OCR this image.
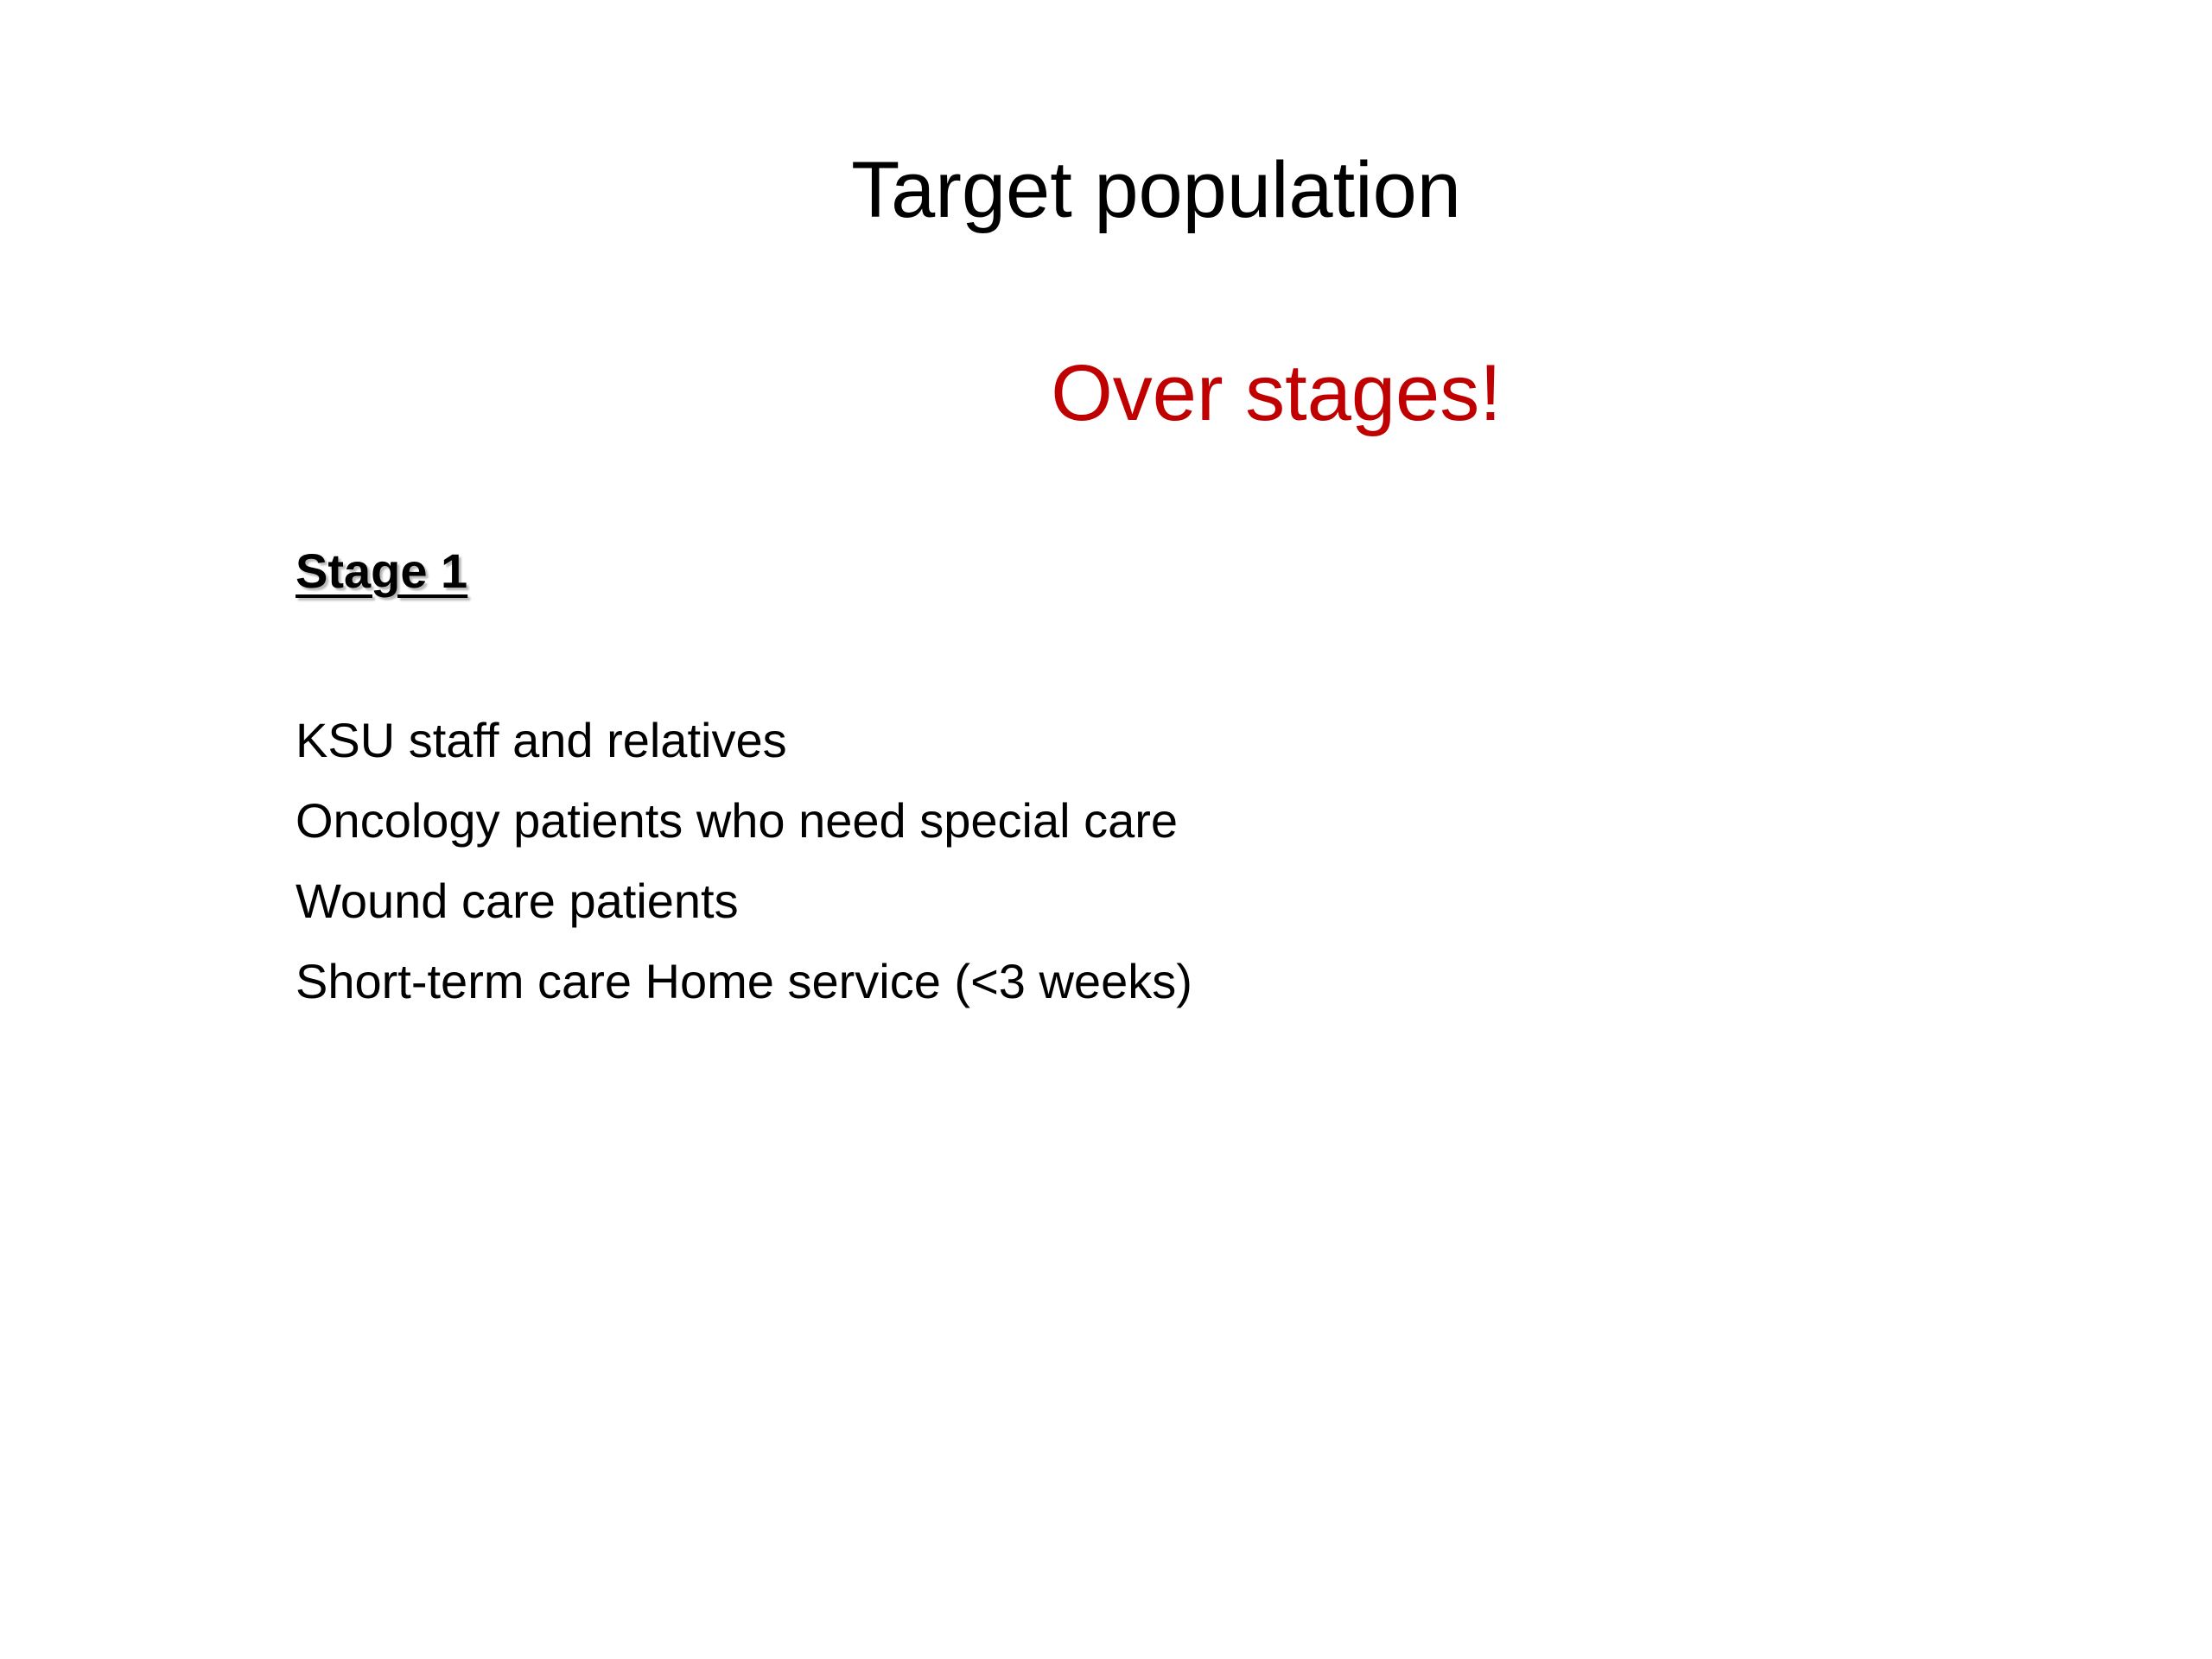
Target population
Over stages!
Stage 1
KSU staff and relatives
Oncology patients who need special care
Wound care patients
Short-term care Home service (<3 weeks)
